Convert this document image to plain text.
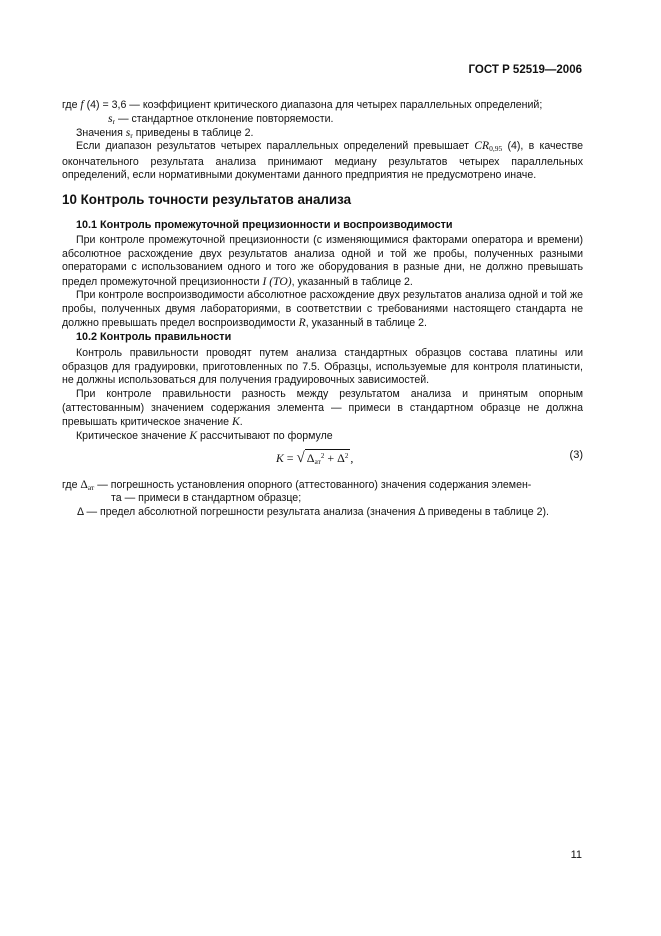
ГОСТ Р 52519—2006
где f (4) = 3,6 — коэффициент критического диапазона для четырех параллельных определений;
$s_r$ — стандартное отклонение повторяемости.
Значения $s_r$ приведены в таблице 2.
Если диапазон результатов четырех параллельных определений превышает $CR_{0,95}$ (4), в качестве окончательного результата анализа принимают медиану результатов четырех параллельных определений, если нормативными документами данного предприятия не предусмотрено иначе.
10 Контроль точности результатов анализа
10.1 Контроль промежуточной прецизионности и воспроизводимости
При контроле промежуточной прецизионности (с изменяющимися факторами оператора и времени) абсолютное расхождение двух результатов анализа одной и той же пробы, полученных разными операторами с использованием одного и того же оборудования в разные дни, не должно превышать предел промежуточной прецизионности I (TO), указанный в таблице 2.
При контроле воспроизводимости абсолютное расхождение двух результатов анализа одной и той же пробы, полученных двумя лабораториями, в соответствии с требованиями настоящего стандарта не должно превышать предел воспроизводимости R, указанный в таблице 2.
10.2 Контроль правильности
Контроль правильности проводят путем анализа стандартных образцов состава платины или образцов для градуировки, приготовленных по 7.5. Образцы, используемые для контроля платинысти, не должны использоваться для получения градуировочных зависимостей.
При контроле правильности разность между результатом анализа и принятым опорным (аттестованным) значением содержания элемента — примеси в стандартном образце не должна превышать критическое значение K.
Критическое значение K рассчитывают по формуле
K = √ $\Delta_{ат}^2 + \Delta^2$ ,	(3)
где $\Delta_{ат}$ — погрешность установления опорного (аттестованного) значения содержания элемен-
та — примеси в стандартном образце;
Δ — предел абсолютной погрешности результата анализа (значения Δ приведены в таблице 2).
11
